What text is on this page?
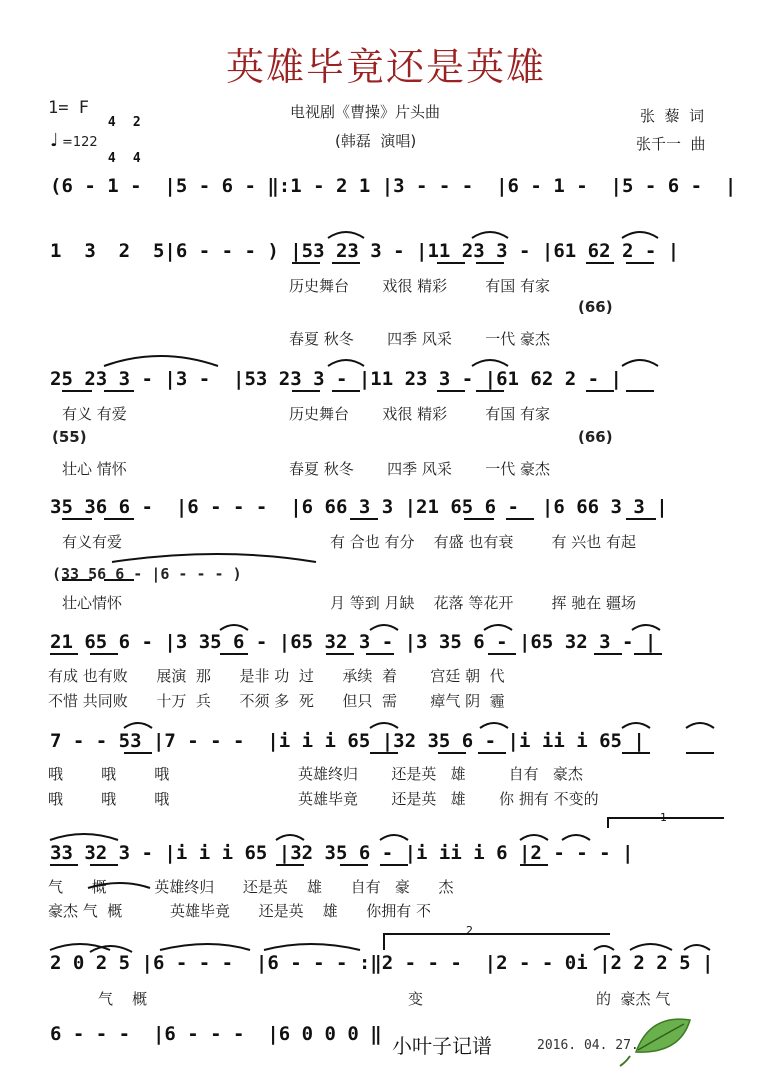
英雄毕竟还是英雄
1= F

4

4

2

4

♩ =122
电视剧《曹操》片头曲
(韩磊  演唱)
张  藜  词
张千一  曲
(6 - 1 -  |5 - 6 - ‖:1 - 2 1 |3 - - -  |6 - 1 -  |5 - 6 -  |
1  3  2  5|6 - - - ) |53 23 3 - |11 23 3 - |61 62 2 - |
历史舞台       戏很 精彩        有国 有家
(66)
春夏 秋冬       四季 风采       一代 豪杰
25 23 3 - |3 -  |53 23 3 - |11 23 3 - |61 62 2 - |
有义 有爱	历史舞台       戏很 精彩        有国 有家
(55)	(66)
壮心 情怀	春夏 秋冬       四季 风采       一代 豪杰
35 36 6 -  |6 - - -  |6 66 3 3 |21 65 6 -  |6 66 3 3 |
有义有爱	有 合也 有分    有盛 也有衰        有 兴也 有起
(33 56 6 - |6 - - - )
壮心情怀	月 等到 月缺    花落 等花开        挥 驰在 疆场
21 65 6 - |3 35 6 - |65 32 3 - |3 35 6 - |65 32 3 - |
有成 也有败      展演  那      是非 功  过      承续  着       宫廷 朝  代
不惜 共同败      十万  兵      不须 多  死      但只  需       瘴气 阴  霾
7 - - 53 |7 - - -  |i i i 65 |32 35 6 - |i ii i 65 |
哦        哦        哦	英雄终归       还是英   雄         自有   豪杰
哦        哦        哦	英雄毕竟       还是英   雄       你 拥有 不变的
33 32 3 - |i i i 65 |32 35 6 - |i ii i 6 |2 - - - |
气      概          英雄终归      还是英    雄      自有   豪      杰
豪杰 气  概          英雄毕竟      还是英    雄      你拥有 不
2 0 2 5 |6 - - -  |6 - - - :‖2 - - -  |2 - - 0i |2 2 2 5 |
气    概	变	的  豪杰 气
6 - - -  |6 - - -  |6 0 0 0 ‖
1
2
小叶子记谱	2016. 04. 27.
